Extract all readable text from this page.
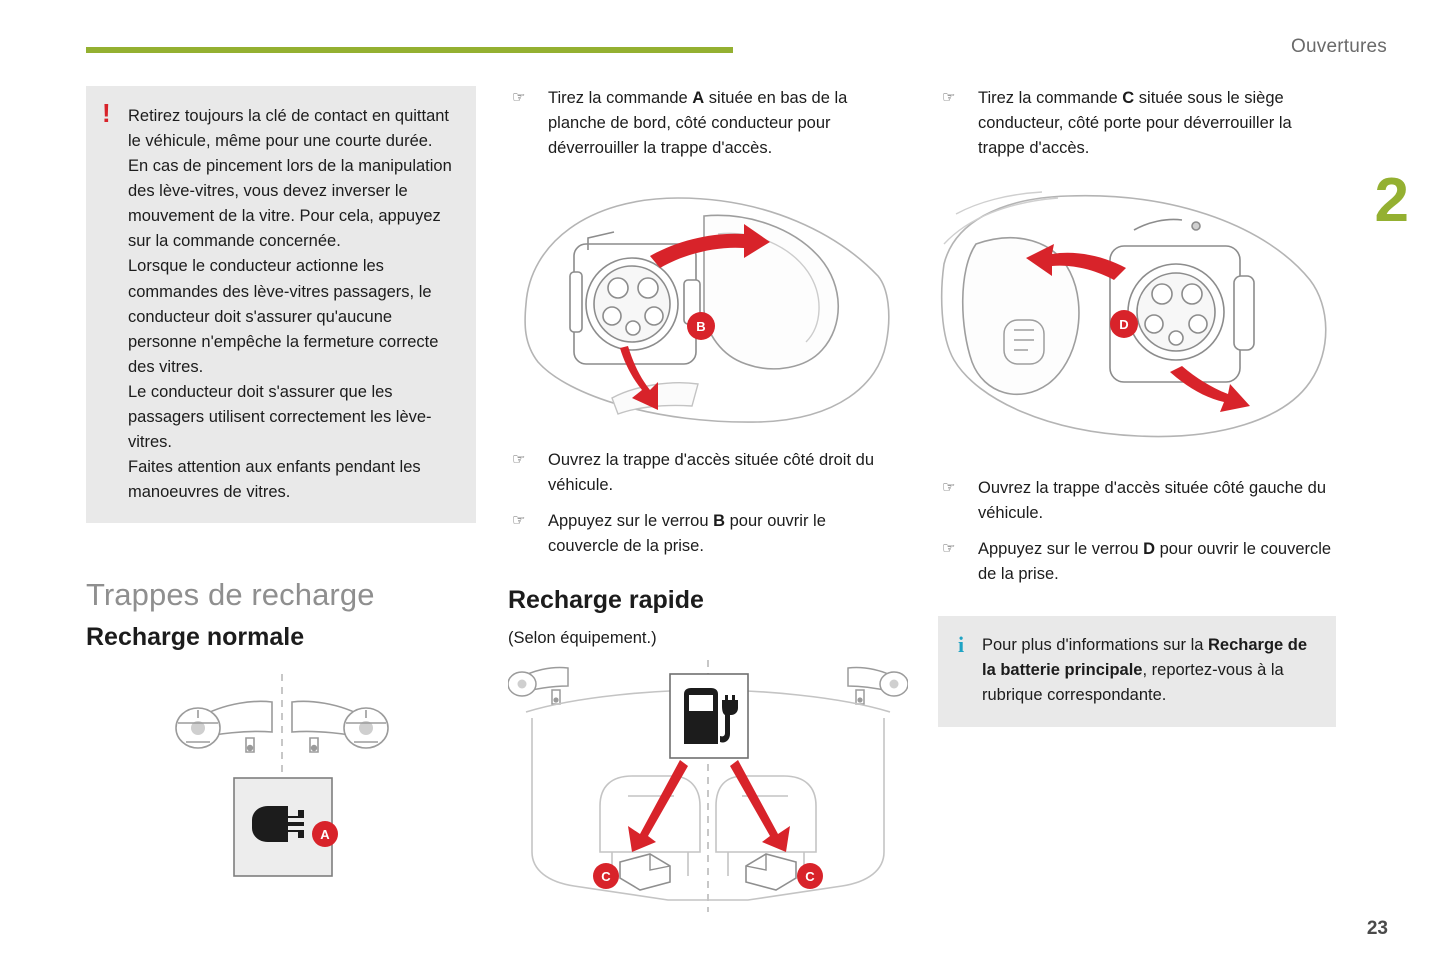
Ouvertures
2
! Retirez toujours la clé de contact en quittant le véhicule, même pour une courte durée.
En cas de pincement lors de la manipulation des lève-vitres, vous devez inverser le mouvement de la vitre. Pour cela, appuyez sur la commande concernée.
Lorsque le conducteur actionne les commandes des lève-vitres passagers, le conducteur doit s'assurer qu'aucune personne n'empêche la fermeture correcte des vitres.
Le conducteur doit s'assurer que les passagers utilisent correctement les lève-vitres.
Faites attention aux enfants pendant les manoeuvres de vitres.

Trappes de recharge
Recharge normale
A
☞ Tirez la commande A située en bas de la planche de bord, côté conducteur pour déverrouiller la trappe d'accès.
B
☞ Ouvrez la trappe d'accès située côté droit du véhicule.
☞ Appuyez sur le verrou B pour ouvrir le couvercle de la prise.
Recharge rapide
(Selon équipement.)
C	C
☞ Tirez la commande C située sous le siège conducteur, côté porte pour déverrouiller la trappe d'accès.
D
☞ Ouvrez la trappe d'accès située côté gauche du véhicule.
☞ Appuyez sur le verrou D pour ouvrir le couvercle de la prise.
i Pour plus d'informations sur la Recharge de la batterie principale, reportez-vous à la rubrique correspondante.

23
